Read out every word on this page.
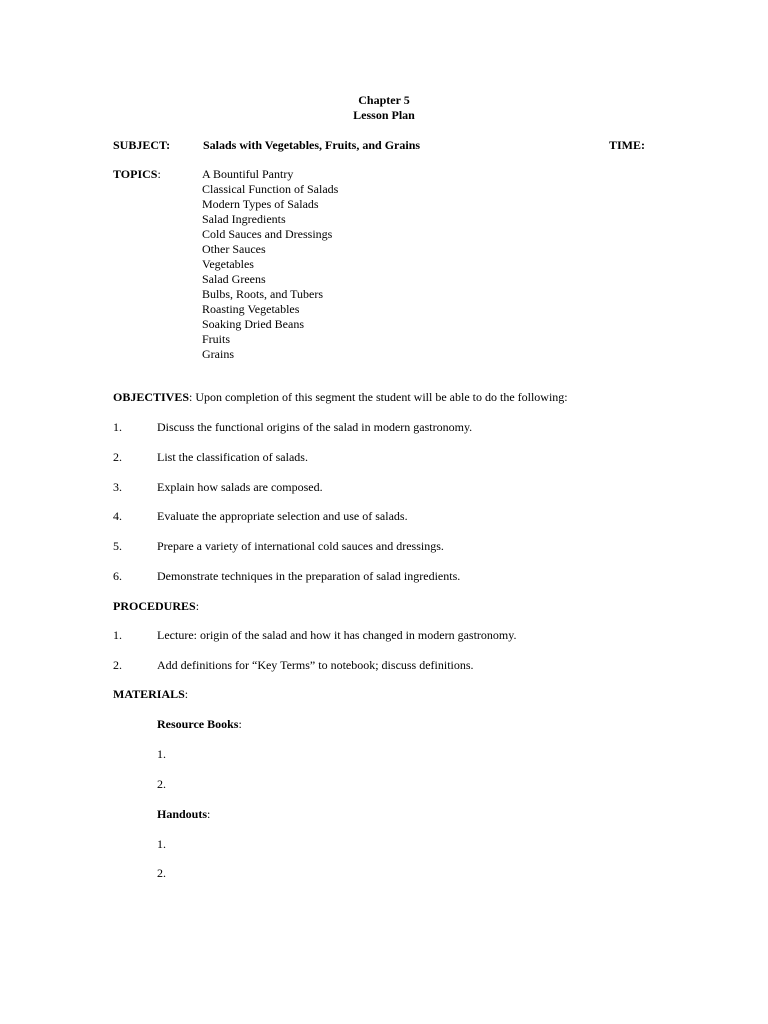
Chapter 5
Lesson Plan
SUBJECT:	Salads with Vegetables, Fruits, and Grains	TIME:
TOPICS:	A Bountiful Pantry
Classical Function of Salads
Modern Types of Salads
Salad Ingredients
Cold Sauces and Dressings
Other Sauces
Vegetables
Salad Greens
Bulbs, Roots, and Tubers
Roasting Vegetables
Soaking Dried Beans
Fruits
Grains
OBJECTIVES: Upon completion of this segment the student will be able to do the following:
1.	Discuss the functional origins of the salad in modern gastronomy.
2.	List the classification of salads.
3.	Explain how salads are composed.
4.	Evaluate the appropriate selection and use of salads.
5.	Prepare a variety of international cold sauces and dressings.
6.	Demonstrate techniques in the preparation of salad ingredients.
PROCEDURES:
1.	Lecture: origin of the salad and how it has changed in modern gastronomy.
2.	Add definitions for “Key Terms” to notebook; discuss definitions.
MATERIALS:
Resource Books:
1.
2.
Handouts:
1.
2.
